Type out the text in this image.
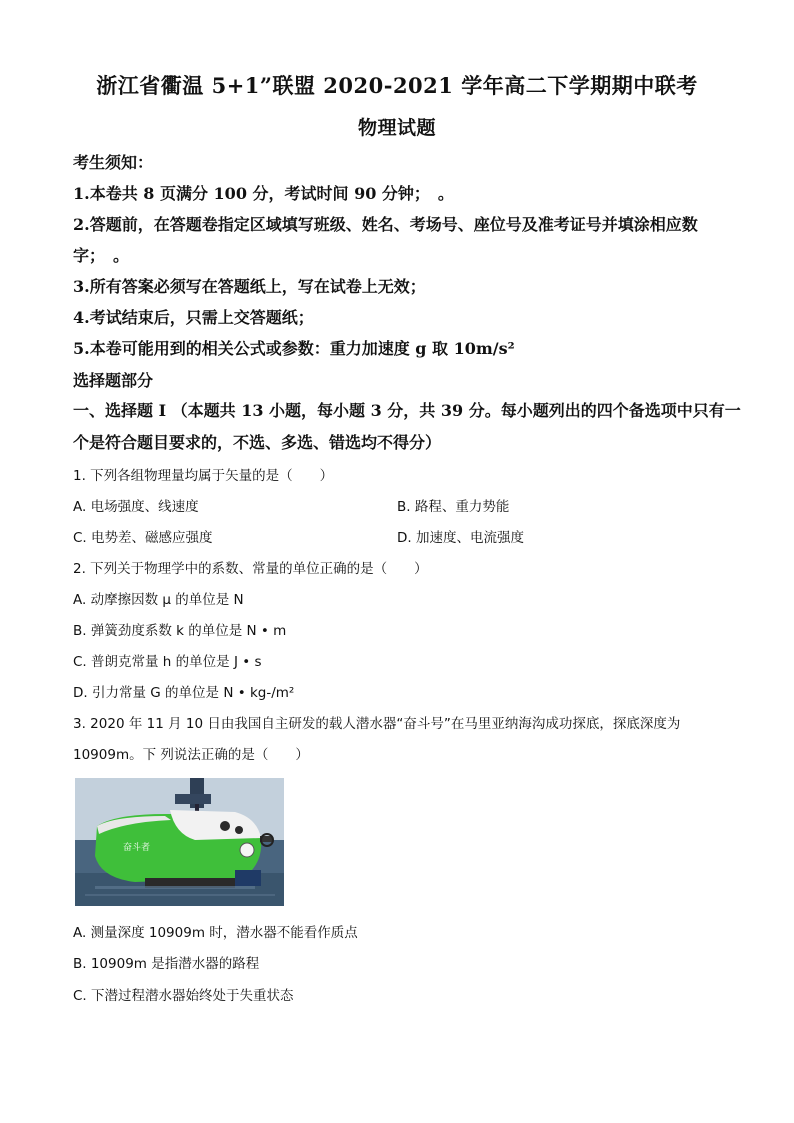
浙江省衢温 5+1”联盟 2020-2021 学年高二下学期期中联考
物理试题
考生须知：
1.本卷共 8 页满分 100 分，考试时间 90 分钟；　。
2.答题前，在答题卷指定区域填写班级、姓名、考场号、座位号及准考证号并填涂相应数
字；　。
3.所有答案必须写在答题纸上，写在试卷上无效；
4.考试结束后，只需上交答题纸；
5.本卷可能用到的相关公式或参数：重力加速度 g 取 10m/s²
选择题部分
一、选择题 I （本题共 13 小题，每小题 3 分，共 39 分。每小题列出的四个备选项中只有一
个是符合题目要求的，不选、多选、错选均不得分）
1. 下列各组物理量均属于矢量的是（　　）
A. 电场强度、线速度	B. 路程、重力势能
C. 电势差、磁感应强度	D. 加速度、电流强度
2. 下列关于物理学中的系数、常量的单位正确的是（　　）
A. 动摩擦因数 μ 的单位是 N
B. 弹簧劲度系数 k 的单位是 N • m
C. 普朗克常量 h 的单位是 J • s
D. 引力常量 G 的单位是 N • kg-/m²
3. 2020 年 11 月 10 日由我国自主研发的载人潜水器“奋斗号”在马里亚纳海沟成功探底，探底深度为
10909m。下 列说法正确的是（　　）
奋斗者
A. 测量深度 10909m 时，潜水器不能看作质点
B. 10909m 是指潜水器的路程
C. 下潜过程潜水器始终处于失重状态
